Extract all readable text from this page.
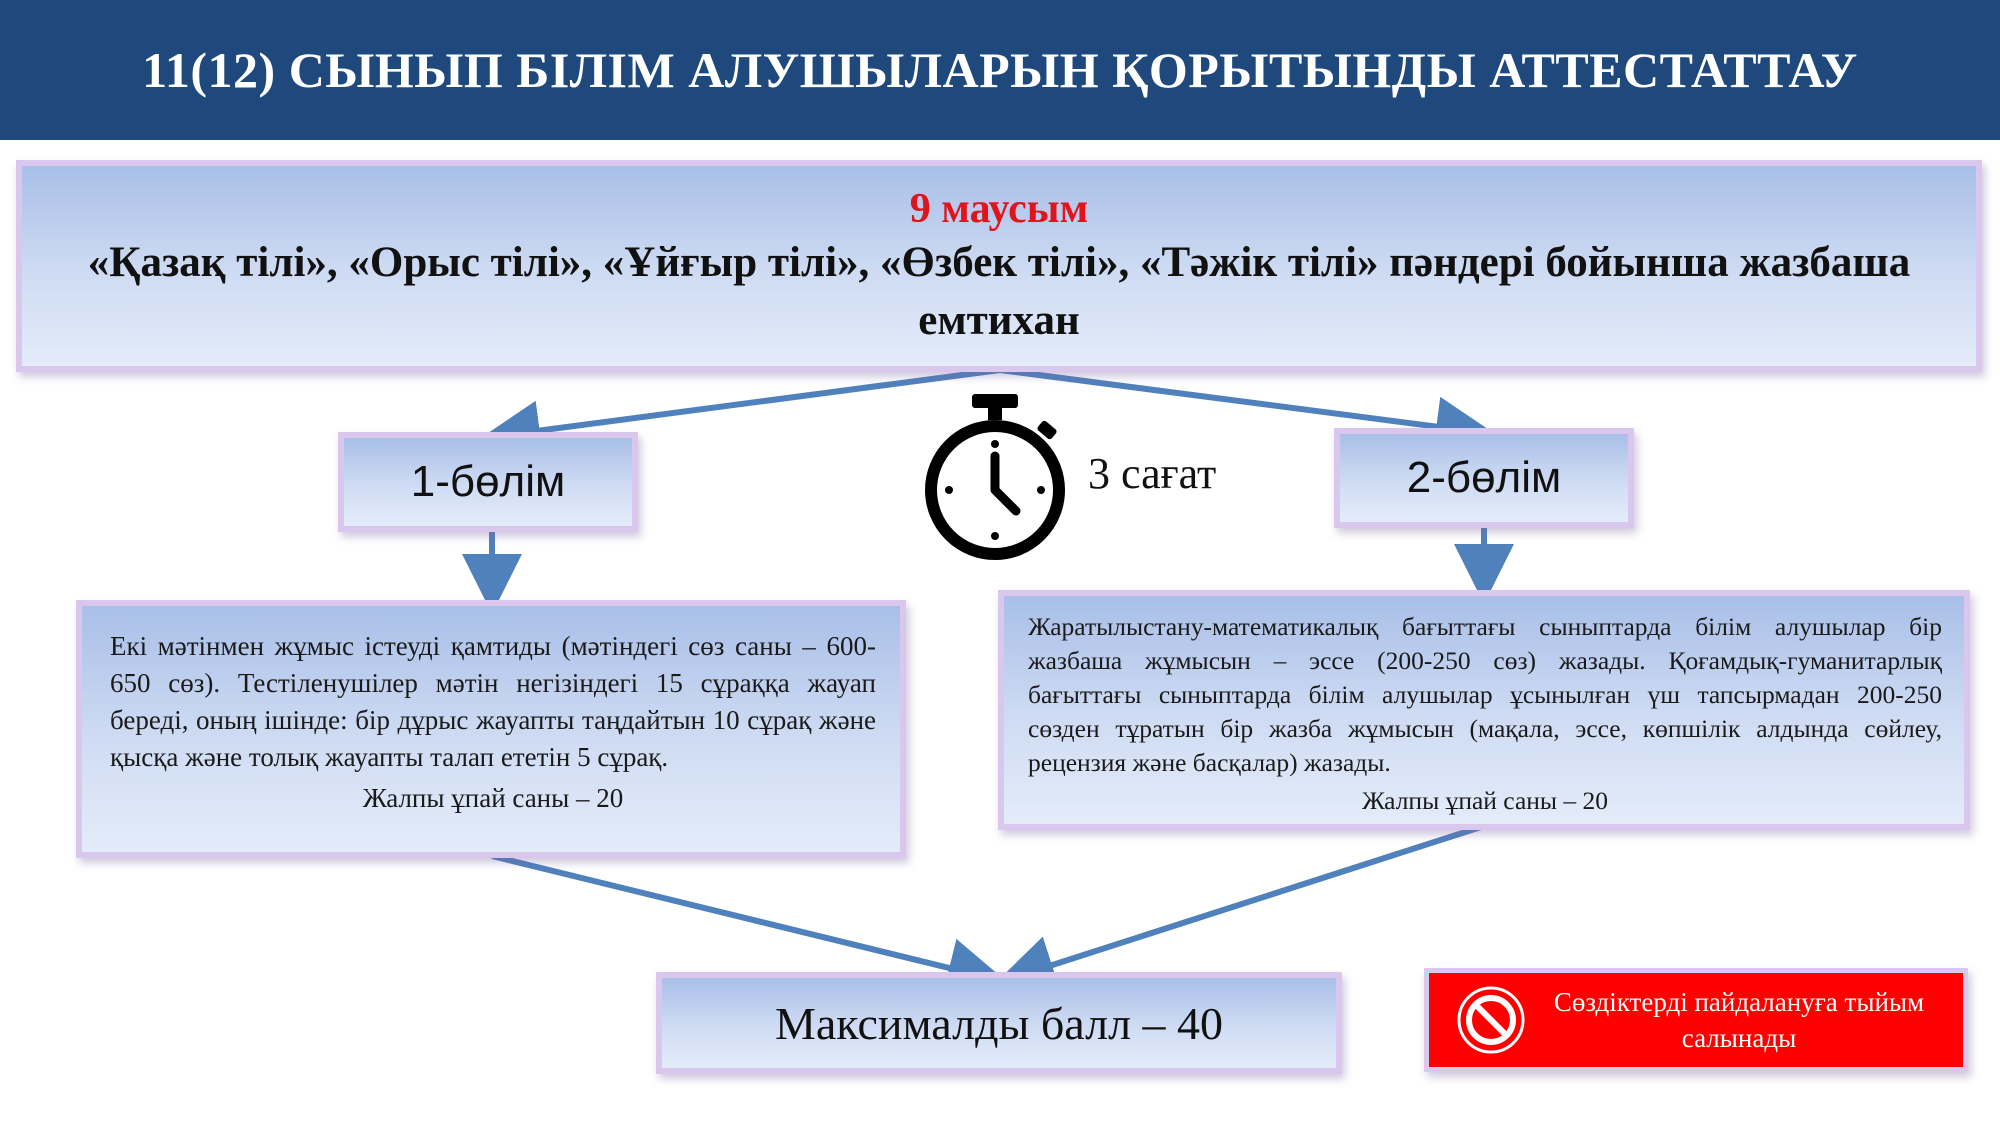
11(12) СЫНЫП БІЛІМ АЛУШЫЛАРЫН ҚОРЫТЫНДЫ АТТЕСТАТТАУ
9 маусым
«Қазақ тілі», «Орыс тілі», «Ұйғыр тілі», «Өзбек тілі», «Тәжік тілі» пәндері бойынша жазбаша емтихан
1-бөлім	2-бөлім
3 сағат
Екі мәтінмен жұмыс істеуді қамтиды (мәтіндегі сөз саны – 600-650 сөз). Тестіленушілер мәтін негізіндегі 15 сұраққа жауап береді, оның ішінде: бір дұрыс жауапты таңдайтын 10 сұрақ және қысқа және толық жауапты талап ететін 5 сұрақ.
Жалпы ұпай саны – 20
Жаратылыстану-математикалық бағыттағы сыныптарда білім алушылар бір жазбаша жұмысын – эссе (200-250 сөз) жазады. Қоғамдық-гуманитарлық бағыттағы сыныптарда білім алушылар ұсынылған үш тапсырмадан 200-250 сөзден тұратын бір жазба жұмысын (мақала, эссе, көпшілік алдында сөйлеу, рецензия және басқалар) жазады.
Жалпы ұпай саны – 20
Максималды балл – 40	Сөздіктерді пайдалануға тыйым салынады
